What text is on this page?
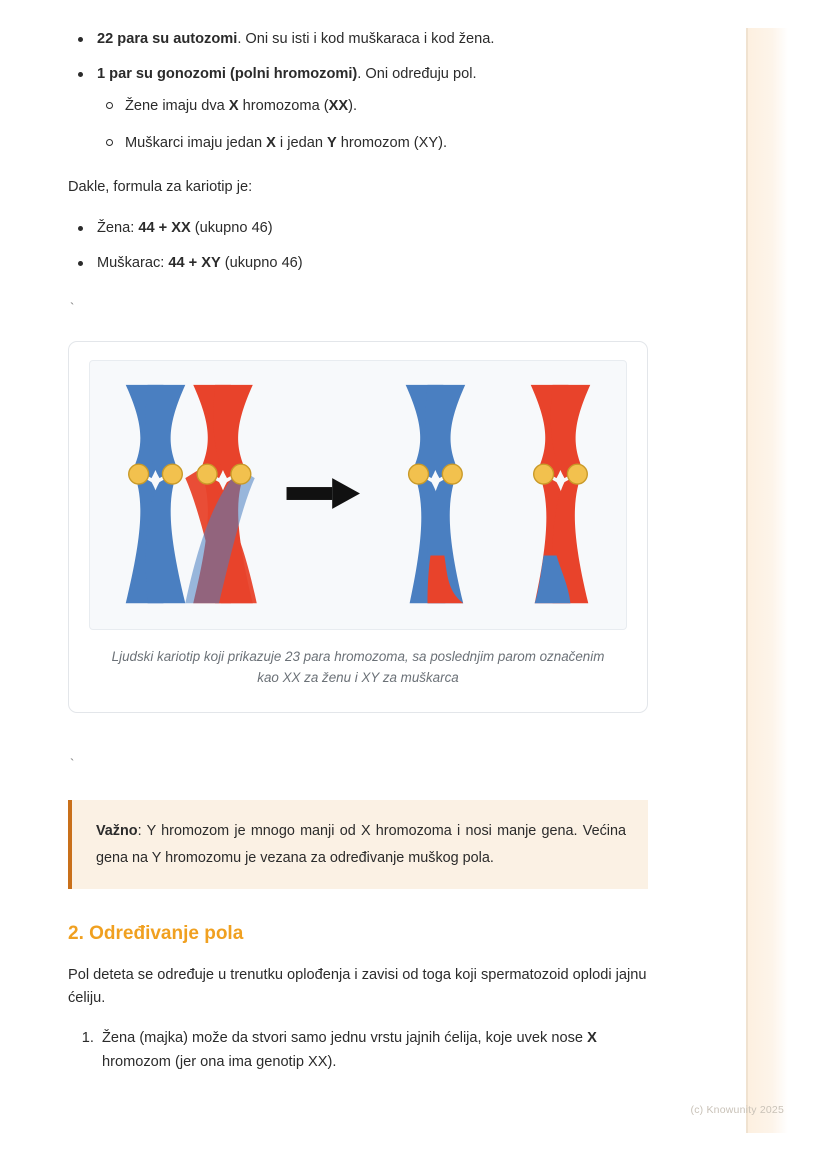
22 para su autozomi. Oni su isti i kod muškaraca i kod žena.
1 par su gonozomi (polni hromozomi). Oni određuju pol.
Žene imaju dva X hromozoma (XX).
Muškarci imaju jedan X i jedan Y hromozom (XY).

Dakle, formula za kariotip je:

Žena: 44 + XX (ukupno 46)
Muškarac: 44 + XY (ukupno 46)
`
Ljudski kariotip koji prikazuje 23 para hromozoma, sa poslednjim parom označenim kao XX za ženu i XY za muškarca
`
Važno: Y hromozom je mnogo manji od X hromozoma i nosi manje gena. Većina gena na Y hromozomu je vezana za određivanje muškog pola.
2. Određivanje pola
Pol deteta se određuje u trenutku oplođenja i zavisi od toga koji spermatozoid oplodi jajnu ćeliju.
1. Žena (majka) može da stvori samo jednu vrstu jajnih ćelija, koje uvek nose X hromozom (jer ona ima genotip XX).
(c) Knowunity 2025
